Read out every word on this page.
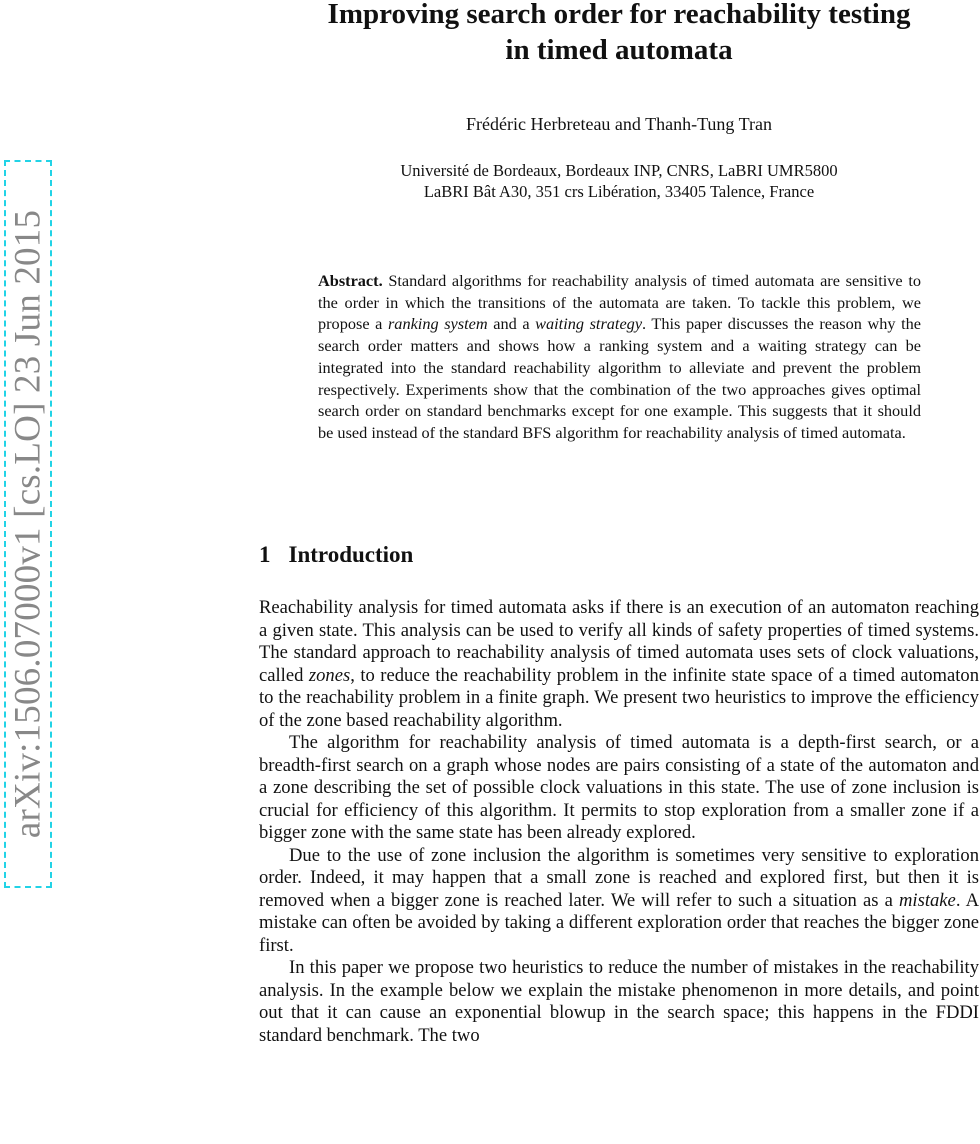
arXiv:1506.07000v1 [cs.LO] 23 Jun 2015
Improving search order for reachability testing
in timed automata
Frédéric Herbreteau and Thanh-Tung Tran
Université de Bordeaux, Bordeaux INP, CNRS, LaBRI UMR5800
LaBRI Bât A30, 351 crs Libération, 33405 Talence, France
Abstract. Standard algorithms for reachability analysis of timed automata are sensitive to the order in which the transitions of the automata are taken. To tackle this problem, we propose a ranking system and a waiting strategy. This paper discusses the reason why the search order matters and shows how a ranking system and a waiting strategy can be integrated into the standard reachability algorithm to alleviate and prevent the problem respectively. Experiments show that the combination of the two approaches gives optimal search order on standard benchmarks except for one example. This suggests that it should be used instead of the standard BFS algorithm for reachability analysis of timed automata.
1 Introduction

Reachability analysis for timed automata asks if there is an execution of an automaton reaching a given state. This analysis can be used to verify all kinds of safety properties of timed systems. The standard approach to reachability analysis of timed automata uses sets of clock valuations, called zones, to reduce the reachability problem in the infinite state space of a timed automaton to the reachability problem in a finite graph. We present two heuristics to improve the efficiency of the zone based reachability algorithm.

The algorithm for reachability analysis of timed automata is a depth-first search, or a breadth-first search on a graph whose nodes are pairs consisting of a state of the automaton and a zone describing the set of possible clock valuations in this state. The use of zone inclusion is crucial for efficiency of this algorithm. It permits to stop exploration from a smaller zone if a bigger zone with the same state has been already explored.

Due to the use of zone inclusion the algorithm is sometimes very sensitive to exploration order. Indeed, it may happen that a small zone is reached and explored first, but then it is removed when a bigger zone is reached later. We will refer to such a situation as a mistake. A mistake can often be avoided by taking a different exploration order that reaches the bigger zone first.

In this paper we propose two heuristics to reduce the number of mistakes in the reachability analysis. In the example below we explain the mistake phenomenon in more details, and point out that it can cause an exponential blowup in the search space; this happens in the FDDI standard benchmark. The two
